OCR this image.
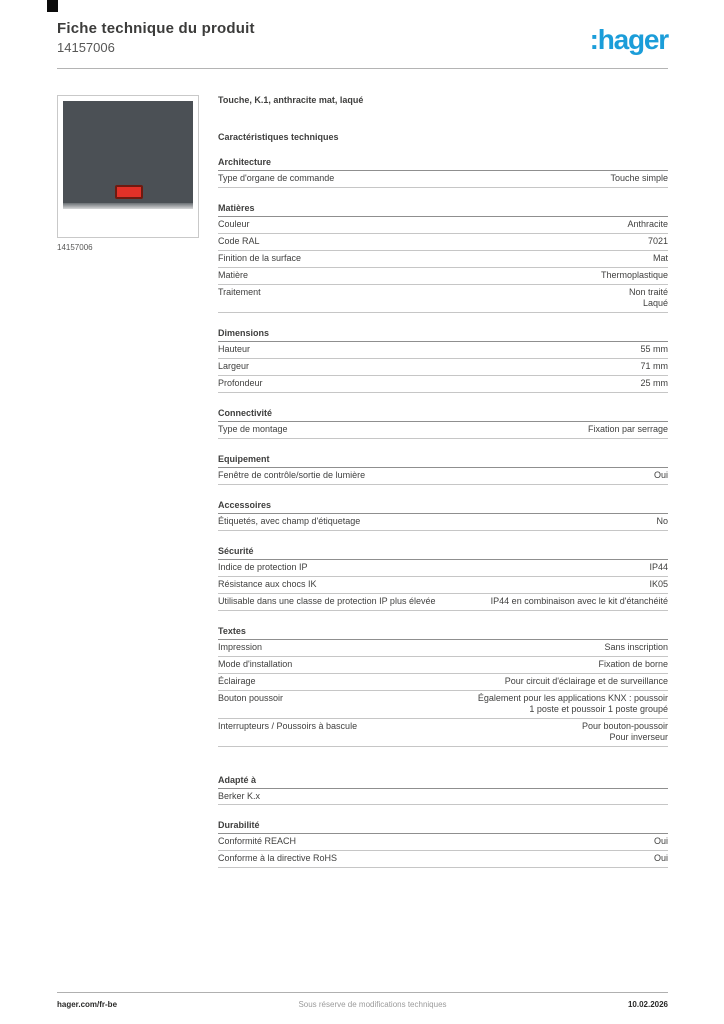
Fiche technique du produit
14157006	:hager
14157006
Touche, K.1, anthracite mat, laqué
Caractéristiques techniques
Architecture
Type d'organe de commande	Touche simple
Matières
Couleur	Anthracite
Code RAL	7021
Finition de la surface	Mat
Matière	Thermoplastique
Traitement	Non traité
Laqué
Dimensions
Hauteur	55 mm
Largeur	71 mm
Profondeur	25 mm
Connectivité
Type de montage	Fixation par serrage
Equipement
Fenêtre de contrôle/sortie de lumière	Oui
Accessoires
Étiquetés, avec champ d'étiquetage	No
Sécurité
Indice de protection IP	IP44
Résistance aux chocs IK	IK05
Utilisable dans une classe de protection IP plus élevée	IP44 en combinaison avec le kit d'étanchéité
Textes
Impression	Sans inscription
Mode d'installation	Fixation de borne
Éclairage	Pour circuit d'éclairage et de surveillance
Bouton poussoir	Également pour les applications KNX : poussoir
1 poste et poussoir 1 poste groupé
Interrupteurs / Poussoirs à bascule	Pour bouton-poussoir
Pour inverseur
Adapté à
Berker K.x
Durabilité
Conformité REACH	Oui
Conforme à la directive RoHS	Oui
hager.com/fr-be	Sous réserve de modifications techniques	10.02.2026
